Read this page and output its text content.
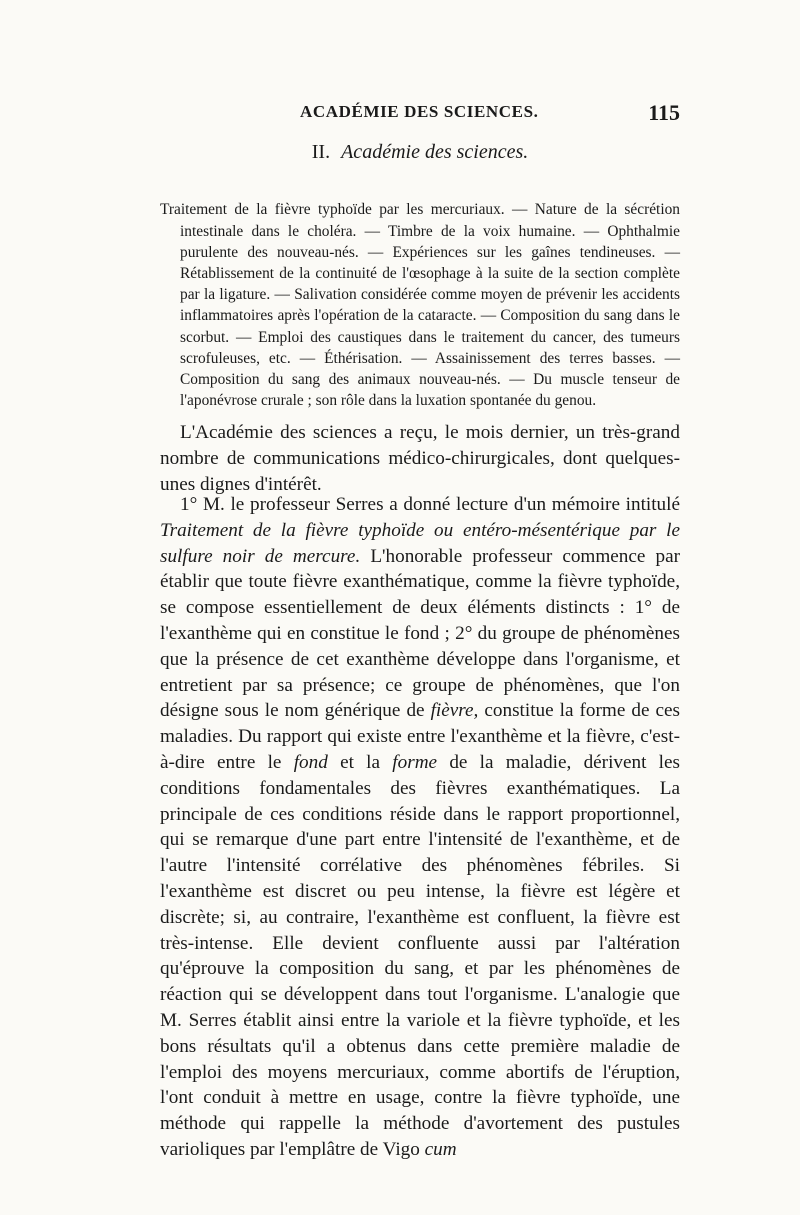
ACADÉMIE DES SCIENCES.	115
II. Académie des sciences.

Traitement de la fièvre typhoïde par les mercuriaux. — Nature de la sécrétion intestinale dans le choléra. — Timbre de la voix humaine. — Ophthalmie purulente des nouveau-nés. — Expériences sur les gaînes tendineuses. — Rétablissement de la continuité de l'œsophage à la suite de la section complète par la ligature. — Salivation considérée comme moyen de prévenir les accidents inflammatoires après l'opération de la cataracte. — Composition du sang dans le scorbut. — Emploi des caustiques dans le traitement du cancer, des tumeurs scrofuleuses, etc. — Éthérisation. — Assainissement des terres basses. — Composition du sang des animaux nouveau-nés. — Du muscle tenseur de l'aponévrose crurale ; son rôle dans la luxation spontanée du genou.

L'Académie des sciences a reçu, le mois dernier, un très-grand nombre de communications médico-chirurgicales, dont quelques-unes dignes d'intérêt.

1° M. le professeur Serres a donné lecture d'un mémoire intitulé Traitement de la fièvre typhoïde ou entéro-mésentérique par le sulfure noir de mercure. L'honorable professeur commence par établir que toute fièvre exanthématique, comme la fièvre typhoïde, se compose essentiellement de deux éléments distincts : 1° de l'exanthème qui en constitue le fond ; 2° du groupe de phénomènes que la présence de cet exanthème développe dans l'organisme, et entretient par sa présence; ce groupe de phénomènes, que l'on désigne sous le nom générique de fièvre, constitue la forme de ces maladies. Du rapport qui existe entre l'exanthème et la fièvre, c'est-à-dire entre le fond et la forme de la maladie, dérivent les conditions fondamentales des fièvres exanthématiques. La principale de ces conditions réside dans le rapport proportionnel, qui se remarque d'une part entre l'intensité de l'exanthème, et de l'autre l'intensité corrélative des phénomènes fébriles. Si l'exanthème est discret ou peu intense, la fièvre est légère et discrète; si, au contraire, l'exanthème est confluent, la fièvre est très-intense. Elle devient confluente aussi par l'altération qu'éprouve la composition du sang, et par les phénomènes de réaction qui se développent dans tout l'organisme. L'analogie que M. Serres établit ainsi entre la variole et la fièvre typhoïde, et les bons résultats qu'il a obtenus dans cette première maladie de l'emploi des moyens mercuriaux, comme abortifs de l'éruption, l'ont conduit à mettre en usage, contre la fièvre typhoïde, une méthode qui rappelle la méthode d'avortement des pustules varioliques par l'emplâtre de Vigo cum
